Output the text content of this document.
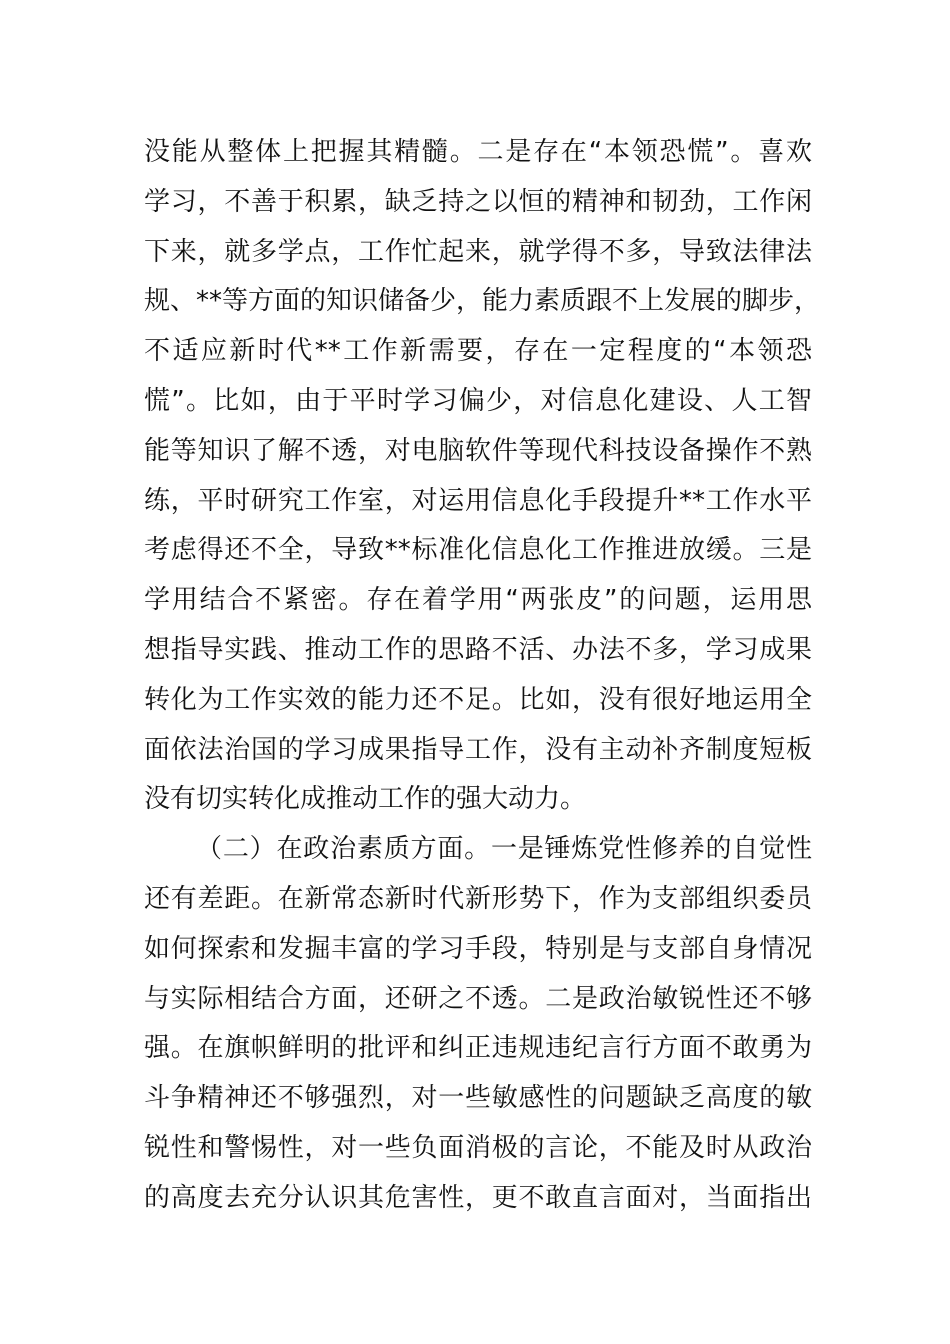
没能从整体上把握其精髓。二是存在“本领恐慌”。喜欢
学习，不善于积累，缺乏持之以恒的精神和韧劲，工作闲
下来，就多学点，工作忙起来，就学得不多，导致法律法
规、**等方面的知识储备少，能力素质跟不上发展的脚步，
不适应新时代**工作新需要，存在一定程度的“本领恐
慌”。比如，由于平时学习偏少，对信息化建设、人工智
能等知识了解不透，对电脑软件等现代科技设备操作不熟
练，平时研究工作室，对运用信息化手段提升**工作水平
考虑得还不全，导致**标准化信息化工作推进放缓。三是
学用结合不紧密。存在着学用“两张皮”的问题，运用思
想指导实践、推动工作的思路不活、办法不多，学习成果
转化为工作实效的能力还不足。比如，没有很好地运用全
面依法治国的学习成果指导工作，没有主动补齐制度短板
没有切实转化成推动工作的强大动力。
（二）在政治素质方面。一是锤炼党性修养的自觉性
还有差距。在新常态新时代新形势下，作为支部组织委员
如何探索和发掘丰富的学习手段，特别是与支部自身情况
与实际相结合方面，还研之不透。二是政治敏锐性还不够
强。在旗帜鲜明的批评和纠正违规违纪言行方面不敢勇为
斗争精神还不够强烈，对一些敏感性的问题缺乏高度的敏
锐性和警惕性，对一些负面消极的言论，不能及时从政治
的高度去充分认识其危害性，更不敢直言面对，当面指出
